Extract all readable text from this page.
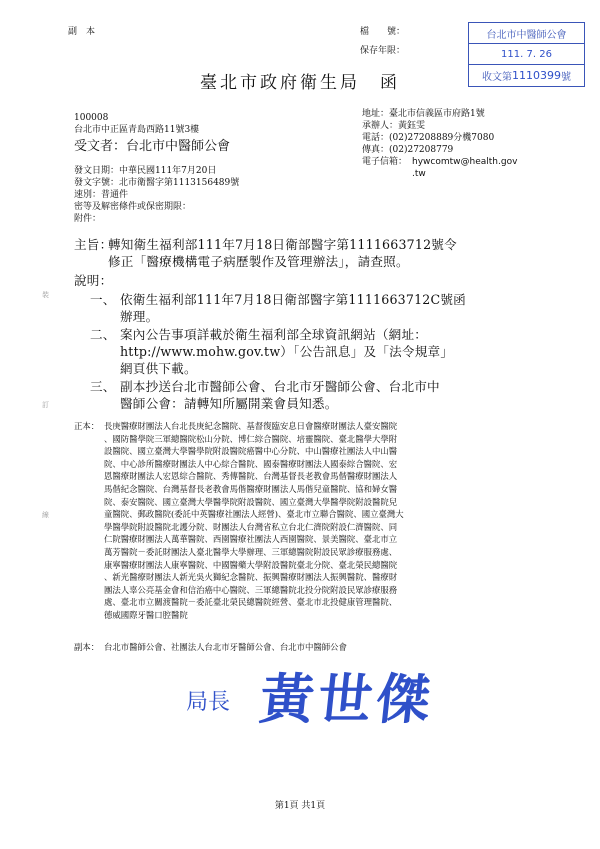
副　本	檔　　號：
保存年限：
台北市中醫師公會
111. 7. 26
收文第 1110399 號
臺北市政府衛生局　函
100008
台北市中正區青島西路11號3樓
受文者：台北市中醫師公會
地址：臺北市信義區市府路1號
承辦人：黃鈺雯
電話：(02)27208889分機7080
傳真：(02)27208779
電子信箱： hywcomtw@health.gov
.tw
發文日期：中華民國111年7月20日
發文字號：北市衛醫字第1113156489號
速別：普通件
密等及解密條件或保密期限：
附件：
主旨：
轉知衛生福利部111年7月18日衛部醫字第1111663712號令
修正「醫療機構電子病歷製作及管理辦法」，請查照。
說明：
一、 依衛生福利部111年7月18日衛部醫字第1111663712C號函
辦理。
二、 案內公告事項詳載於衛生福利部全球資訊網站（網址：
http://www.mohw.gov.tw）「公告訊息」及「法令規章」
網頁供下載。
三、 副本抄送台北市醫師公會、台北市牙醫師公會、台北市中
醫師公會：請轉知所屬開業會員知悉。
正本： 長庚醫療財團法人台北長庚紀念醫院、基督復臨安息日會醫療財團法人臺安醫院
、國防醫學院三軍總醫院松山分院、博仁綜合醫院、培靈醫院、臺北醫學大學附
設醫院、國立臺灣大學醫學院附設醫院癌醫中心分院、中山醫療社團法人中山醫
院、中心診所醫療財團法人中心綜合醫院、國泰醫療財團法人國泰綜合醫院、宏
恩醫療財團法人宏恩綜合醫院、秀傳醫院、台灣基督長老教會馬偕醫療財團法人
馬偕紀念醫院、台灣基督長老教會馬偕醫療財團法人馬偕兒童醫院、協和婦女醫
院、泰安醫院、國立臺灣大學醫學院附設醫院、國立臺灣大學醫學院附設醫院兒
童醫院、郵政醫院(委託中英醫療社團法人經營)、臺北市立聯合醫院、國立臺灣大
學醫學院附設醫院北護分院、財團法人台灣省私立台北仁濟院附設仁濟醫院、同
仁院醫療財團法人萬華醫院、西園醫療社團法人西園醫院、景美醫院、臺北市立
萬芳醫院－委託財團法人臺北醫學大學辦理、三軍總醫院附設民眾診療服務處、
康寧醫療財團法人康寧醫院、中國醫藥大學附設醫院臺北分院、臺北榮民總醫院
、新光醫療財團法人新光吳火獅紀念醫院、振興醫療財團法人振興醫院、醫療財
團法人辜公亮基金會和信治癌中心醫院、三軍總醫院北投分院附設民眾診療服務
處、臺北市立關渡醫院－委託臺北榮民總醫院經營、臺北市北投健康管理醫院、
德威國際牙醫口腔醫院
副本： 台北市醫師公會、社團法人台北市牙醫師公會、台北市中醫師公會
局長 黃世傑
裝
訂
線
第1頁 共1頁
